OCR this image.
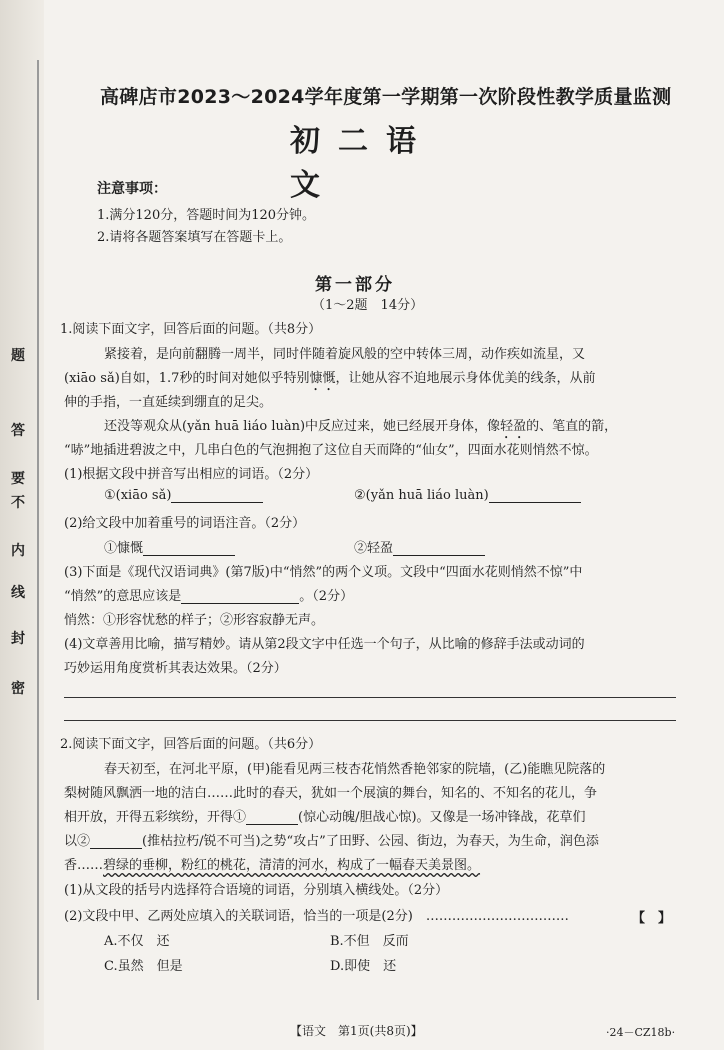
题
答
要
不
内
线
封
密
高碑店市2023～2024学年度第一学期第一次阶段性教学质量监测
初二语文
注意事项：
1.满分120分，答题时间为120分钟。
2.请将各题答案填写在答题卡上。
第一部分
（1～2题　14分）
1.阅读下面文字，回答后面的问题。（共8分）
紧接着，是向前翻腾一周半，同时伴随着旋风般的空中转体三周，动作疾如流星，又
(xiāo sǎ)自如，1.7秒的时间对她似乎特别慷慨，让她从容不迫地展示身体优美的线条，从前
伸的手指，一直延续到绷直的足尖。
还没等观众从(yǎn huā liáo luàn)中反应过来，她已经展开身体，像轻盈的、笔直的箭，
“哧”地插进碧波之中，几串白色的气泡拥抱了这位自天而降的“仙女”，四面水花则悄然不惊。
(1)根据文段中拼音写出相应的词语。（2分）
①(xiāo sǎ)	②(yǎn huā liáo luàn)
(2)给文段中加着重号的词语注音。（2分）
①慷慨	②轻盈
(3)下面是《现代汉语词典》(第7版)中“悄然”的两个义项。文段中“四面水花则悄然不惊”中
“悄然”的意思应该是	。（2分）
悄然：①形容忧愁的样子；②形容寂静无声。
(4)文章善用比喻，描写精妙。请从第2段文字中任选一个句子，从比喻的修辞手法或动词的
巧妙运用角度赏析其表达效果。（2分）
2.阅读下面文字，回答后面的问题。（共6分）
春天初至，在河北平原，(甲)能看见两三枝杏花悄然香艳邻家的院墙，(乙)能瞧见院落的
梨树随风飘洒一地的洁白……此时的春天，犹如一个展演的舞台，知名的、不知名的花儿，争
相开放，开得五彩缤纷，开得①	(惊心动魄/胆战心惊)。又像是一场冲锋战，花草们
以②	(推枯拉朽/锐不可当)之势“攻占”了田野、公园、街边，为春天，为生命，润色添
香……碧绿的垂柳，粉红的桃花，清清的河水，构成了一幅春天美景图。
(1)从文段的括号内选择符合语境的词语，分别填入横线处。（2分）
(2)文段中甲、乙两处应填入的关联词语，恰当的一项是(2分)　……………………………	【　】
A.不仅　还	B.不但　反而
C.虽然　但是	D.即使　还
【语文　第1页(共8页)】	·24－CZ18b·
